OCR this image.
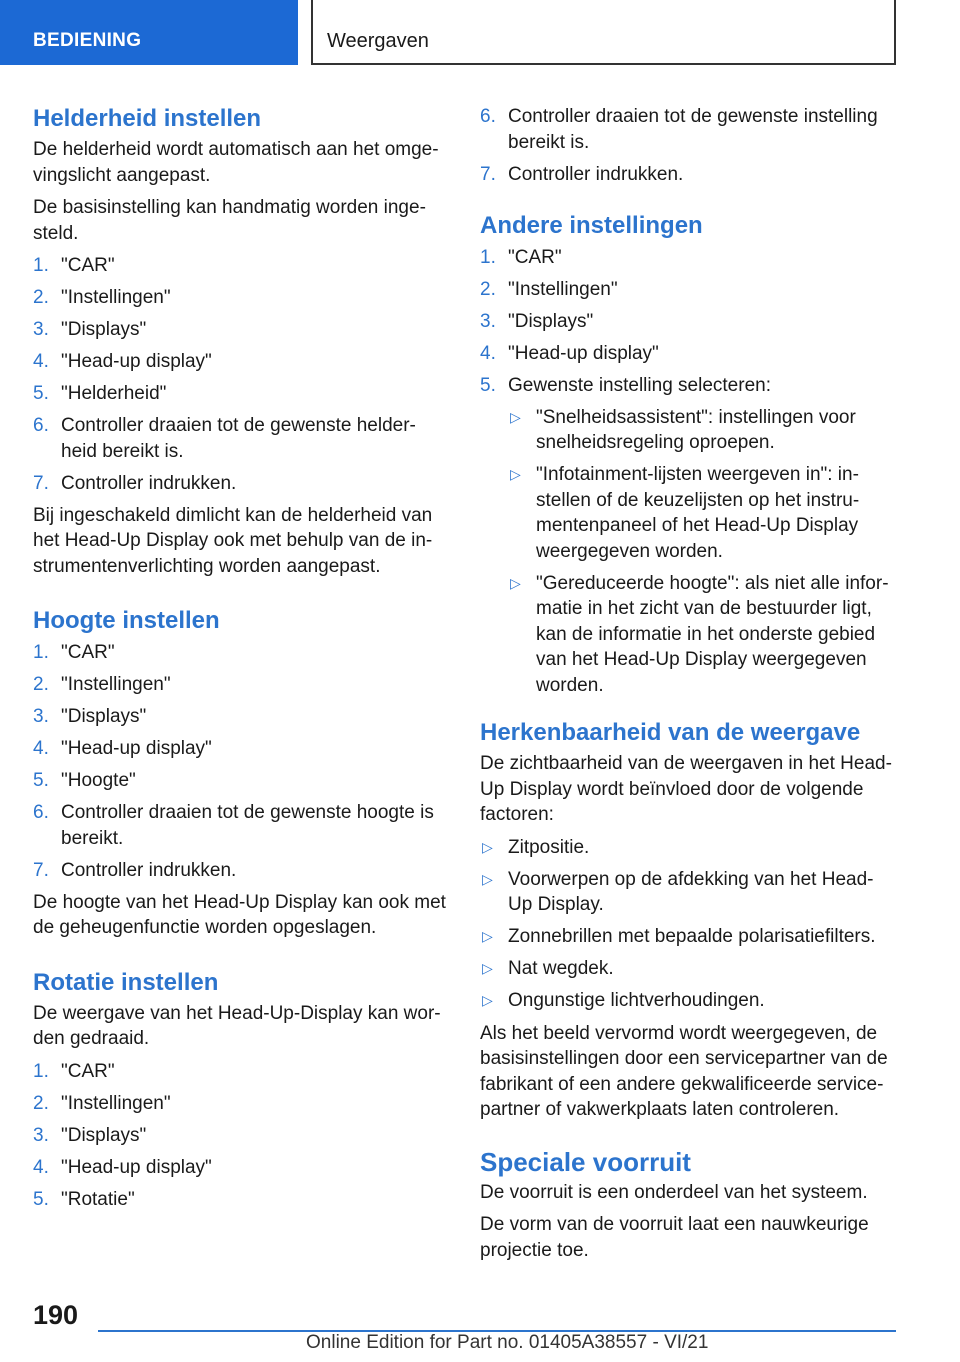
BEDIENING	Weergaven
Helderheid instellen

De helderheid wordt automatisch aan het omge-vingslicht aangepast.

De basisinstelling kan handmatig worden inge-steld.

1. "CAR"
2. "Instellingen"
3. "Displays"
4. "Head-up display"
5. "Helderheid"
6. Controller draaien tot de gewenste helder-heid bereikt is.
7. Controller indrukken.

Bij ingeschakeld dimlicht kan de helderheid van het Head-Up Display ook met behulp van de in-strumentenverlichting worden aangepast.

Hoogte instellen
1. "CAR"
2. "Instellingen"
3. "Displays"
4. "Head-up display"
5. "Hoogte"
6. Controller draaien tot de gewenste hoogte is bereikt.
7. Controller indrukken.

De hoogte van het Head-Up Display kan ook met de geheugenfunctie worden opgeslagen.

Rotatie instellen

De weergave van het Head-Up-Display kan wor-den gedraaid.

1. "CAR"
2. "Instellingen"
3. "Displays"
4. "Head-up display"
5. "Rotatie"
6. Controller draaien tot de gewenste instelling bereikt is.
7. Controller indrukken.
Andere instellingen
1. "CAR"
2. "Instellingen"
3. "Displays"
4. "Head-up display"
5. Gewenste instelling selecteren:
▷ "Snelheidsassistent": instellingen voor snelheidsregeling oproepen.
▷ "Infotainment-lijsten weergeven in": in-stellen of de keuzelijsten op het instru-mentenpaneel of het Head-Up Display weergegeven worden.
▷ "Gereduceerde hoogte": als niet alle infor-matie in het zicht van de bestuurder ligt, kan de informatie in het onderste gebied van het Head-Up Display weergegeven worden.
Herkenbaarheid van de weergave

De zichtbaarheid van de weergaven in het Head-Up Display wordt beïnvloed door de volgende factoren:

▷ Zitpositie.
▷ Voorwerpen op de afdekking van het Head-Up Display.
▷ Zonnebrillen met bepaalde polarisatiefilters.
▷ Nat wegdek.
▷ Ongunstige lichtverhoudingen.

Als het beeld vervormd wordt weergegeven, de basisinstellingen door een servicepartner van de fabrikant of een andere gekwalificeerde service-partner of vakwerkplaats laten controleren.

Speciale voorruit

De voorruit is een onderdeel van het systeem.

De vorm van de voorruit laat een nauwkeurige projectie toe.

190
Online Edition for Part no. 01405A38557 - VI/21
